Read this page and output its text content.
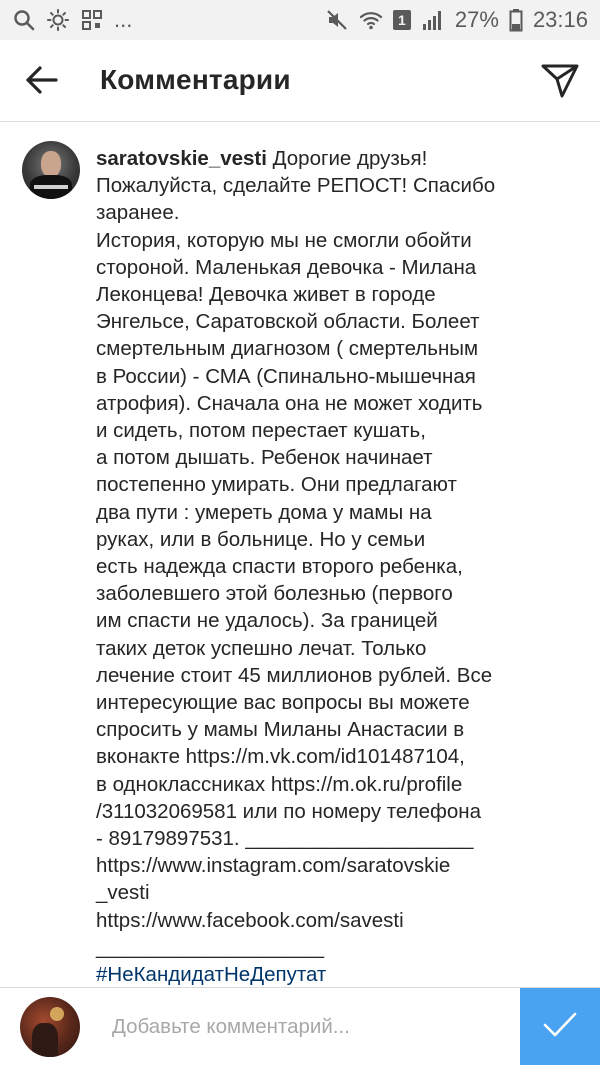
...	1 27% 23:16
Комментарии
saratovskie_vesti Дорогие друзья!
Пожалуйста, сделайте РЕПОСТ! Спасибо
заранее.
История, которую мы не смогли обойти
стороной. Маленькая девочка - Милана
Леконцева! Девочка живет в городе
Энгельсе, Саратовской области. Болеет
смертельным диагнозом ( смертельным
в России) - СМА (Спинально-мышечная
атрофия). Сначала она не может ходить
и сидеть, потом перестает кушать,
а потом дышать. Ребенок начинает
постепенно умирать. Они предлагают
два пути : умереть дома у мамы на
руках, или в больнице. Но у семьи
есть надежда спасти второго ребенка,
заболевшего этой болезнью (первого
им спасти не удалось). За границей
таких деток успешно лечат. Только
лечение стоит 45 миллионов рублей. Все
интересующие вас вопросы вы можете
спросить у мамы Миланы Анастасии в
вконакте https://m.vk.com/id101487104,
в одноклассниках https://m.ok.ru/profile
/311032069581 или по номеру телефона
- 89179897531. ____________________
https://www.instagram.com/saratovskie
_vesti
https://www.facebook.com/savesti
____________________
#НеКандидатНеДепутат
Добавьте комментарий...
